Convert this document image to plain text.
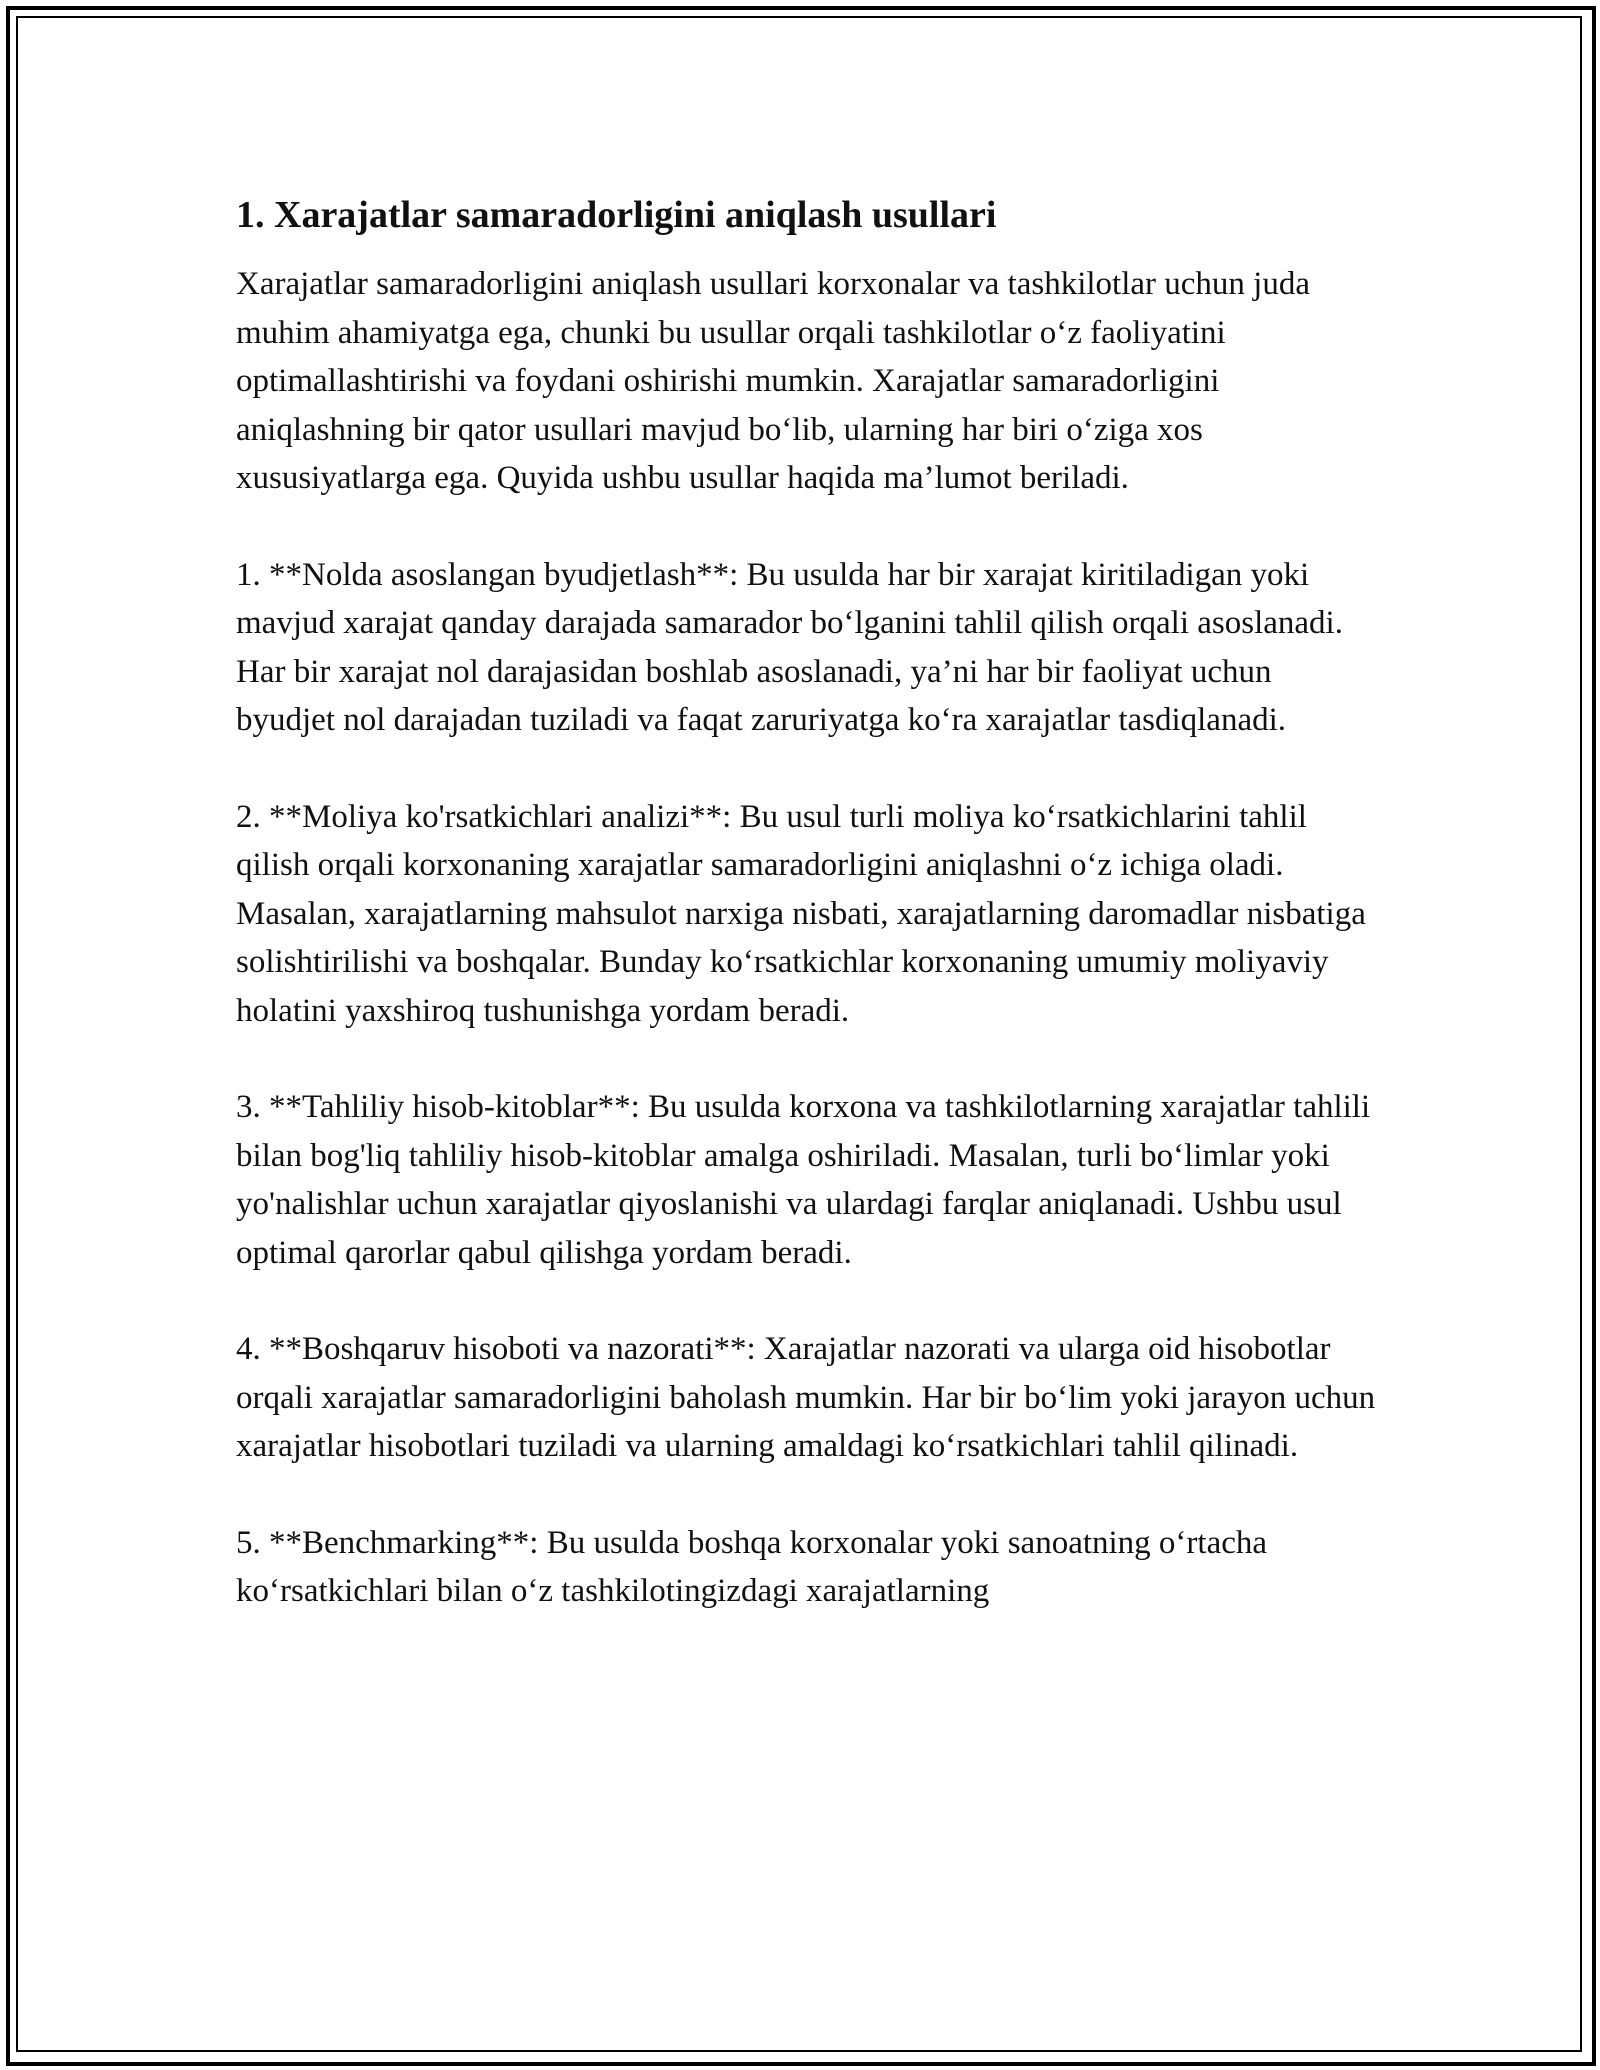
1. Xarajatlar samaradorligini aniqlash usullari

Xarajatlar samaradorligini aniqlash usullari korxonalar va tashkilotlar uchun juda muhim ahamiyatga ega, chunki bu usullar orqali tashkilotlar o‘z faoliyatini optimallashtirishi va foydani oshirishi mumkin. Xarajatlar samaradorligini aniqlashning bir qator usullari mavjud bo‘lib, ularning har biri o‘ziga xos xususiyatlarga ega. Quyida ushbu usullar haqida ma’lumot beriladi.

1. **Nolda asoslangan byudjetlash**: Bu usulda har bir xarajat kiritiladigan yoki mavjud xarajat qanday darajada samarador bo‘lganini tahlil qilish orqali asoslanadi. Har bir xarajat nol darajasidan boshlab asoslanadi, ya’ni har bir faoliyat uchun byudjet nol darajadan tuziladi va faqat zaruriyatga ko‘ra xarajatlar tasdiqlanadi.

2. **Moliya ko'rsatkichlari analizi**: Bu usul turli moliya ko‘rsatkichlarini tahlil qilish orqali korxonaning xarajatlar samaradorligini aniqlashni o‘z ichiga oladi. Masalan, xarajatlarning mahsulot narxiga nisbati, xarajatlarning daromadlar nisbatiga solishtirilishi va boshqalar. Bunday ko‘rsatkichlar korxonaning umumiy moliyaviy holatini yaxshiroq tushunishga yordam beradi.

3. **Tahliliy hisob-kitoblar**: Bu usulda korxona va tashkilotlarning xarajatlar tahlili bilan bog'liq tahliliy hisob-kitoblar amalga oshiriladi. Masalan, turli bo‘limlar yoki yo'nalishlar uchun xarajatlar qiyoslanishi va ulardagi farqlar aniqlanadi. Ushbu usul optimal qarorlar qabul qilishga yordam beradi.

4. **Boshqaruv hisoboti va nazorati**: Xarajatlar nazorati va ularga oid hisobotlar orqali xarajatlar samaradorligini baholash mumkin. Har bir bo‘lim yoki jarayon uchun xarajatlar hisobotlari tuziladi va ularning amaldagi ko‘rsatkichlari tahlil qilinadi.

5. **Benchmarking**: Bu usulda boshqa korxonalar yoki sanoatning o‘rtacha ko‘rsatkichlari bilan o‘z tashkilotingizdagi xarajatlarning
